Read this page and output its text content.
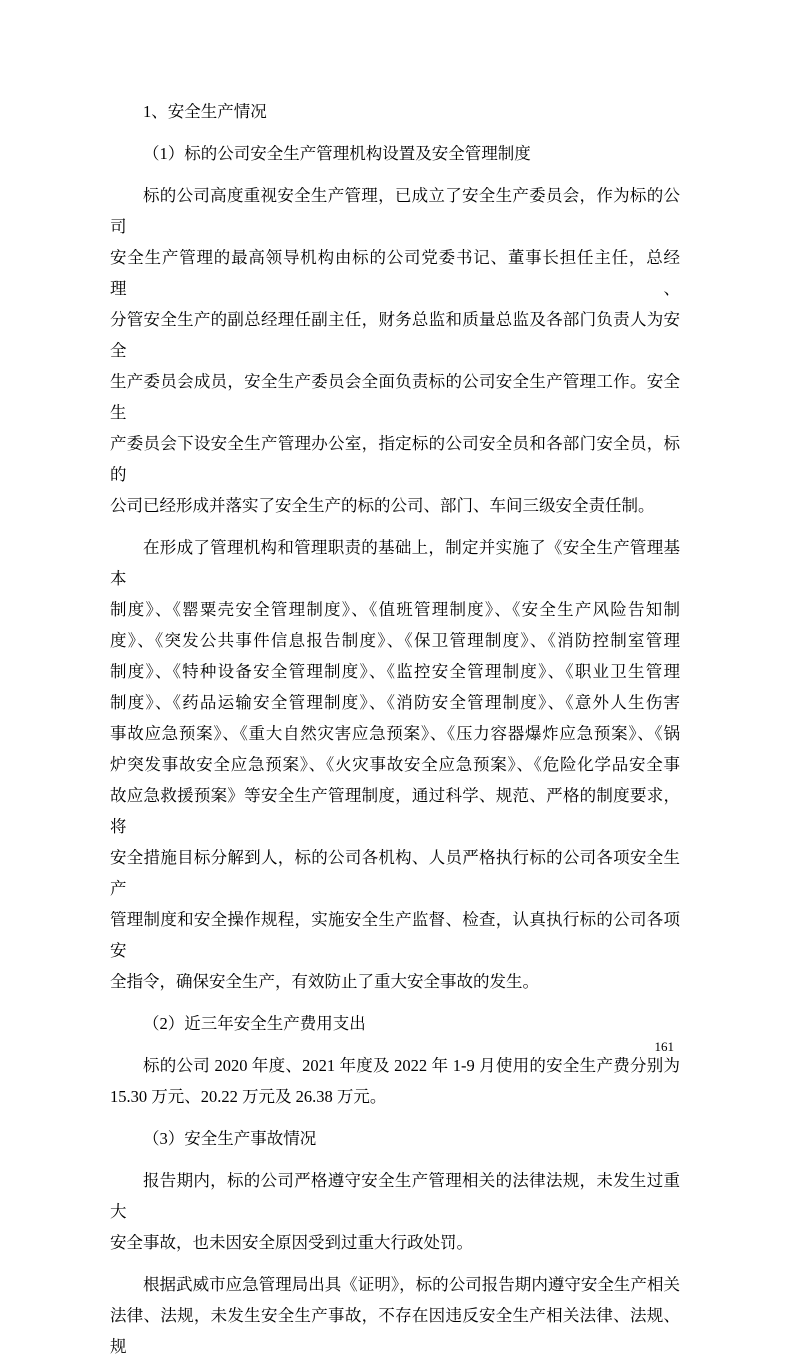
1、安全生产情况
（1）标的公司安全生产管理机构设置及安全管理制度
标的公司高度重视安全生产管理，已成立了安全生产委员会，作为标的公司
安全生产管理的最高领导机构由标的公司党委书记、董事长担任主任，总经理、
分管安全生产的副总经理任副主任，财务总监和质量总监及各部门负责人为安全
生产委员会成员，安全生产委员会全面负责标的公司安全生产管理工作。安全生
产委员会下设安全生产管理办公室，指定标的公司安全员和各部门安全员，标的
公司已经形成并落实了安全生产的标的公司、部门、车间三级安全责任制。
在形成了管理机构和管理职责的基础上，制定并实施了《安全生产管理基本
制度》、《罂粟壳安全管理制度》、《值班管理制度》、《安全生产风险告知制
度》、《突发公共事件信息报告制度》、《保卫管理制度》、《消防控制室管理
制度》、《特种设备安全管理制度》、《监控安全管理制度》、《职业卫生管理
制度》、《药品运输安全管理制度》、《消防安全管理制度》、《意外人生伤害
事故应急预案》、《重大自然灾害应急预案》、《压力容器爆炸应急预案》、《锅
炉突发事故安全应急预案》、《火灾事故安全应急预案》、《危险化学品安全事
故应急救援预案》等安全生产管理制度，通过科学、规范、严格的制度要求，将
安全措施目标分解到人，标的公司各机构、人员严格执行标的公司各项安全生产
管理制度和安全操作规程，实施安全生产监督、检查，认真执行标的公司各项安
全指令，确保安全生产，有效防止了重大安全事故的发生。
（2）近三年安全生产费用支出
标的公司 2020 年度、2021 年度及 2022 年 1-9 月使用的安全生产费分别为
15.30 万元、20.22 万元及 26.38 万元。
（3）安全生产事故情况
报告期内，标的公司严格遵守安全生产管理相关的法律法规，未发生过重大
安全事故，也未因安全原因受到过重大行政处罚。
根据武威市应急管理局出具《证明》，标的公司报告期内遵守安全生产相关
法律、法规，未发生安全生产事故，不存在因违反安全生产相关法律、法规、规
161
